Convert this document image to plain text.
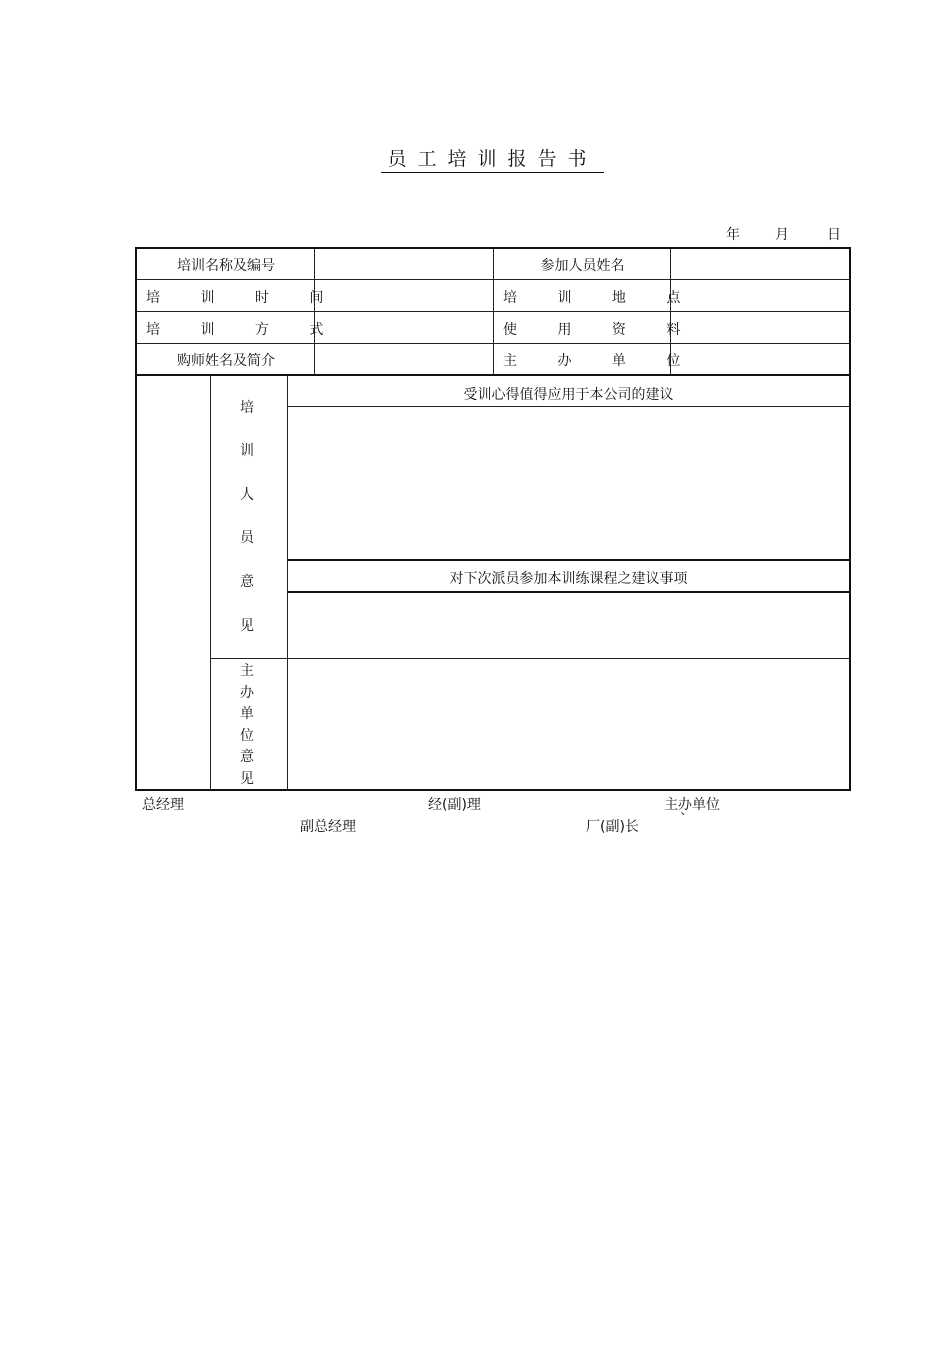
员工培训报告书
年	月	日
培训名称及编号	参加人员姓名
培 训 时 间	培 训 地 点
培 训 方 式	使 用 资 料
购师姓名及简介	主 办 单 位
培
训
人
员
意
见
受训心得值得应用于本公司的建议
对下次派员参加本训练课程之建议事项
主
办
单
位
意
见
总经理	经(副)理	主办单位
副总经理	厂(副)长	`
